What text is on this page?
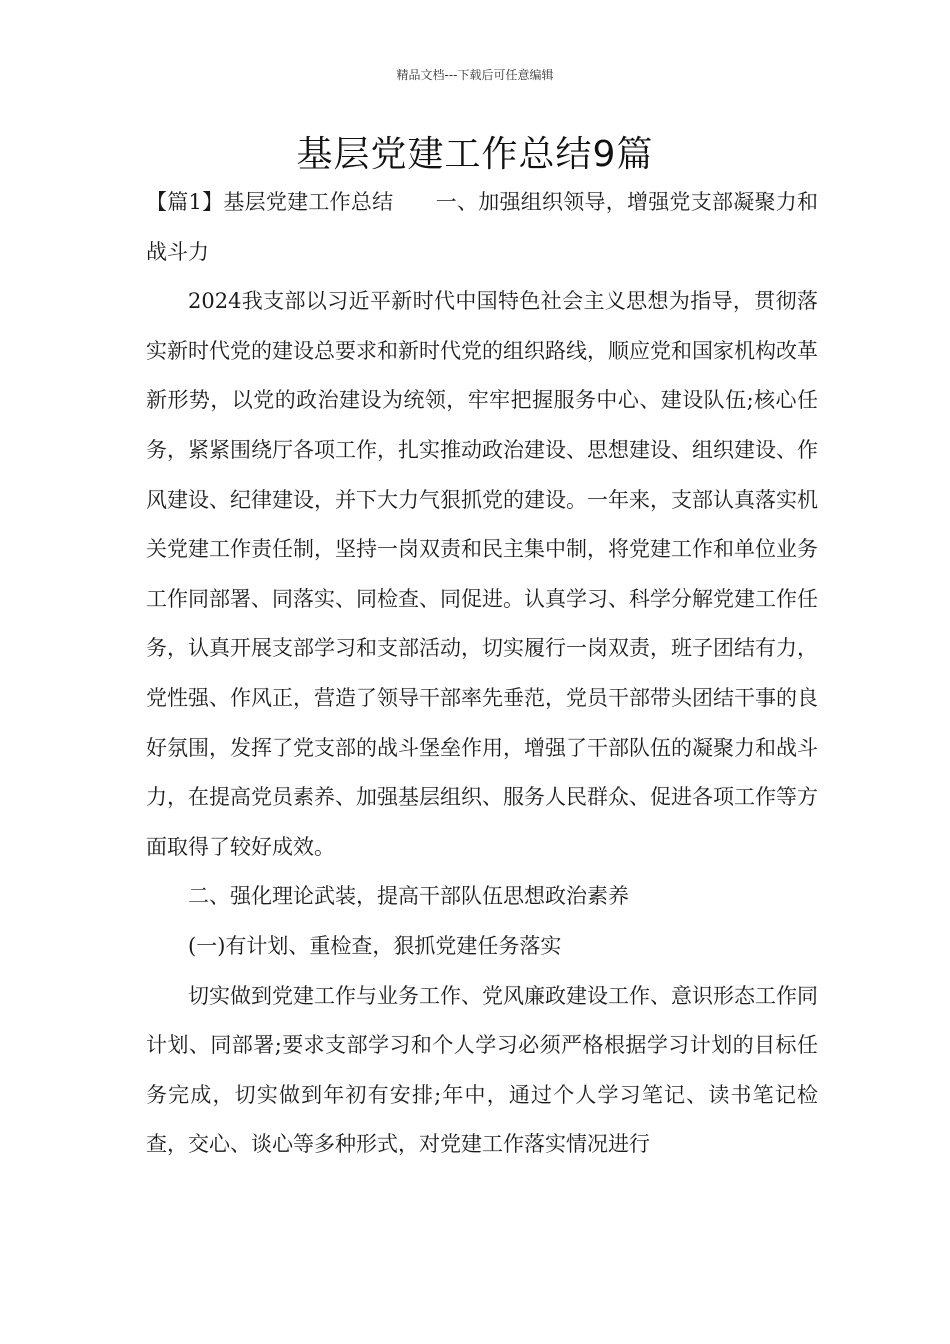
精品文档---下载后可任意编辑
基层党建工作总结9篇

【篇1】基层党建工作总结 一、加强组织领导，增强党支部凝聚力和战斗力

2024我支部以习近平新时代中国特色社会主义思想为指导，贯彻落实新时代党的建设总要求和新时代党的组织路线，顺应党和国家机构改革新形势，以党的政治建设为统领，牢牢把握服务中心、建设队伍;核心任务，紧紧围绕厅各项工作，扎实推动政治建设、思想建设、组织建设、作风建设、纪律建设，并下大力气狠抓党的建设。一年来，支部认真落实机关党建工作责任制，坚持一岗双责和民主集中制，将党建工作和单位业务工作同部署、同落实、同检查、同促进。认真学习、科学分解党建工作任务，认真开展支部学习和支部活动，切实履行一岗双责，班子团结有力，党性强、作风正，营造了领导干部率先垂范，党员干部带头团结干事的良好氛围，发挥了党支部的战斗堡垒作用，增强了干部队伍的凝聚力和战斗力，在提高党员素养、加强基层组织、服务人民群众、促进各项工作等方面取得了较好成效。

二、强化理论武装，提高干部队伍思想政治素养

(一)有计划、重检查，狠抓党建任务落实

切实做到党建工作与业务工作、党风廉政建设工作、意识形态工作同计划、同部署;要求支部学习和个人学习必须严格根据学习计划的目标任务完成，切实做到年初有安排;年中，通过个人学习笔记、读书笔记检查，交心、谈心等多种形式，对党建工作落实情况进行
